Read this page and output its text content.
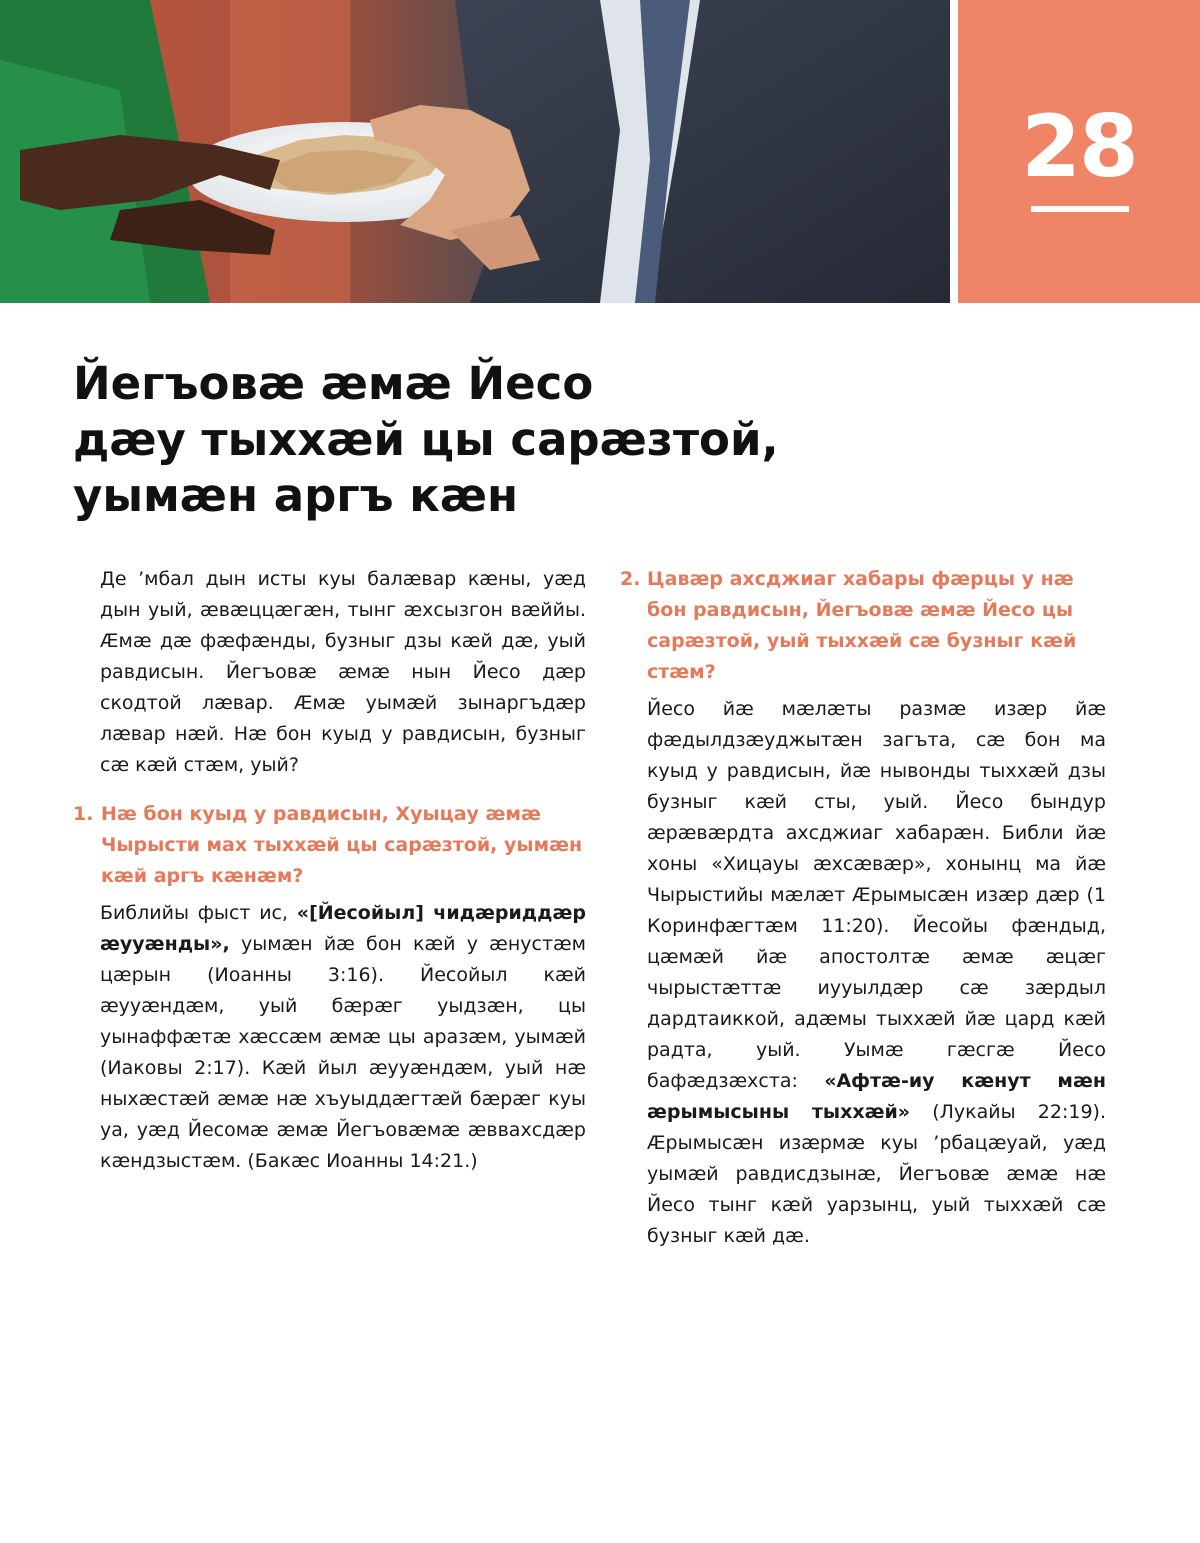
28
Йегъовæ æмæ Йесо
дæу тыххæй цы сарæзтой,
уымæн аргъ кæн

Де ’мбал дын исты куы балæвар кæны, уæд дын уый, æвæццæгæн, тынг æхсызгон вæййы. Æмæ дæ фæфæнды, бузныг дзы кæй дæ, уый равдисын. Йегъовæ æмæ нын Йесо дæр скодтой лæвар. Æмæ уымæй зынаргъдæр лæвар нæй. Нæ бон куыд у равдисын, бузныг сæ кæй стæм, уый?

1. Нæ бон куыд у равдисын, Хуыцау æмæ Чырысти мах тыххæй цы сарæзтой, уымæн кæй аргъ кæнæм?

Библийы фыст ис, «[Йесойыл] чидæриддæр æууæнды», уымæн йæ бон кæй у æнустæм цæрын (Иоанны 3:16). Йесойыл кæй æууæндæм, уый бæрæг уыдзæн, цы уынаффæтæ хæссæм æмæ цы аразæм, уымæй (Иаковы 2:17). Кæй йыл æууæндæм, уый нæ ныхæстæй æмæ нæ хъуыддæгтæй бæрæг куы уа, уæд Йесомæ æмæ Йегъовæмæ æввахсдæр кæндзыстæм. (Бакæс Иоанны 14:21.)

2. Цавæр ахсджиаг хабары фæрцы у нæ бон равдисын, Йегъовæ æмæ Йесо цы сарæзтой, уый тыххæй сæ бузныг кæй стæм?

Йесо йæ мæлæты размæ изæр йæ фæдылдзæуджытæн загъта, сæ бон ма куыд у равдисын, йæ нывонды тыххæй дзы бузныг кæй сты, уый. Йесо бындур æрæвæрдта ахсджиаг хабарæн. Библи йæ хоны «Хицауы æхсæвæр», хонынц ма йæ Чырыстийы мæлæт Æрымысæн изæр дæр (1 Коринфæгтæм 11:20). Йесойы фæндыд, цæмæй йæ апостолтæ æмæ æцæг чырыстæттæ иууылдæр сæ зæрдыл дардтаиккой, адæмы тыххæй йæ цард кæй радта, уый. Уымæ гæсгæ Йесо бафæдзæхста: «Афтæ-иу кæнут мæн æрымысыны тыххæй» (Лукайы 22:19). Æрымысæн изæрмæ куы ’рбацæуай, уæд уымæй равдисдзынæ, Йегъовæ æмæ нæ Йесо тынг кæй уарзынц, уый тыххæй сæ бузныг кæй дæ.
